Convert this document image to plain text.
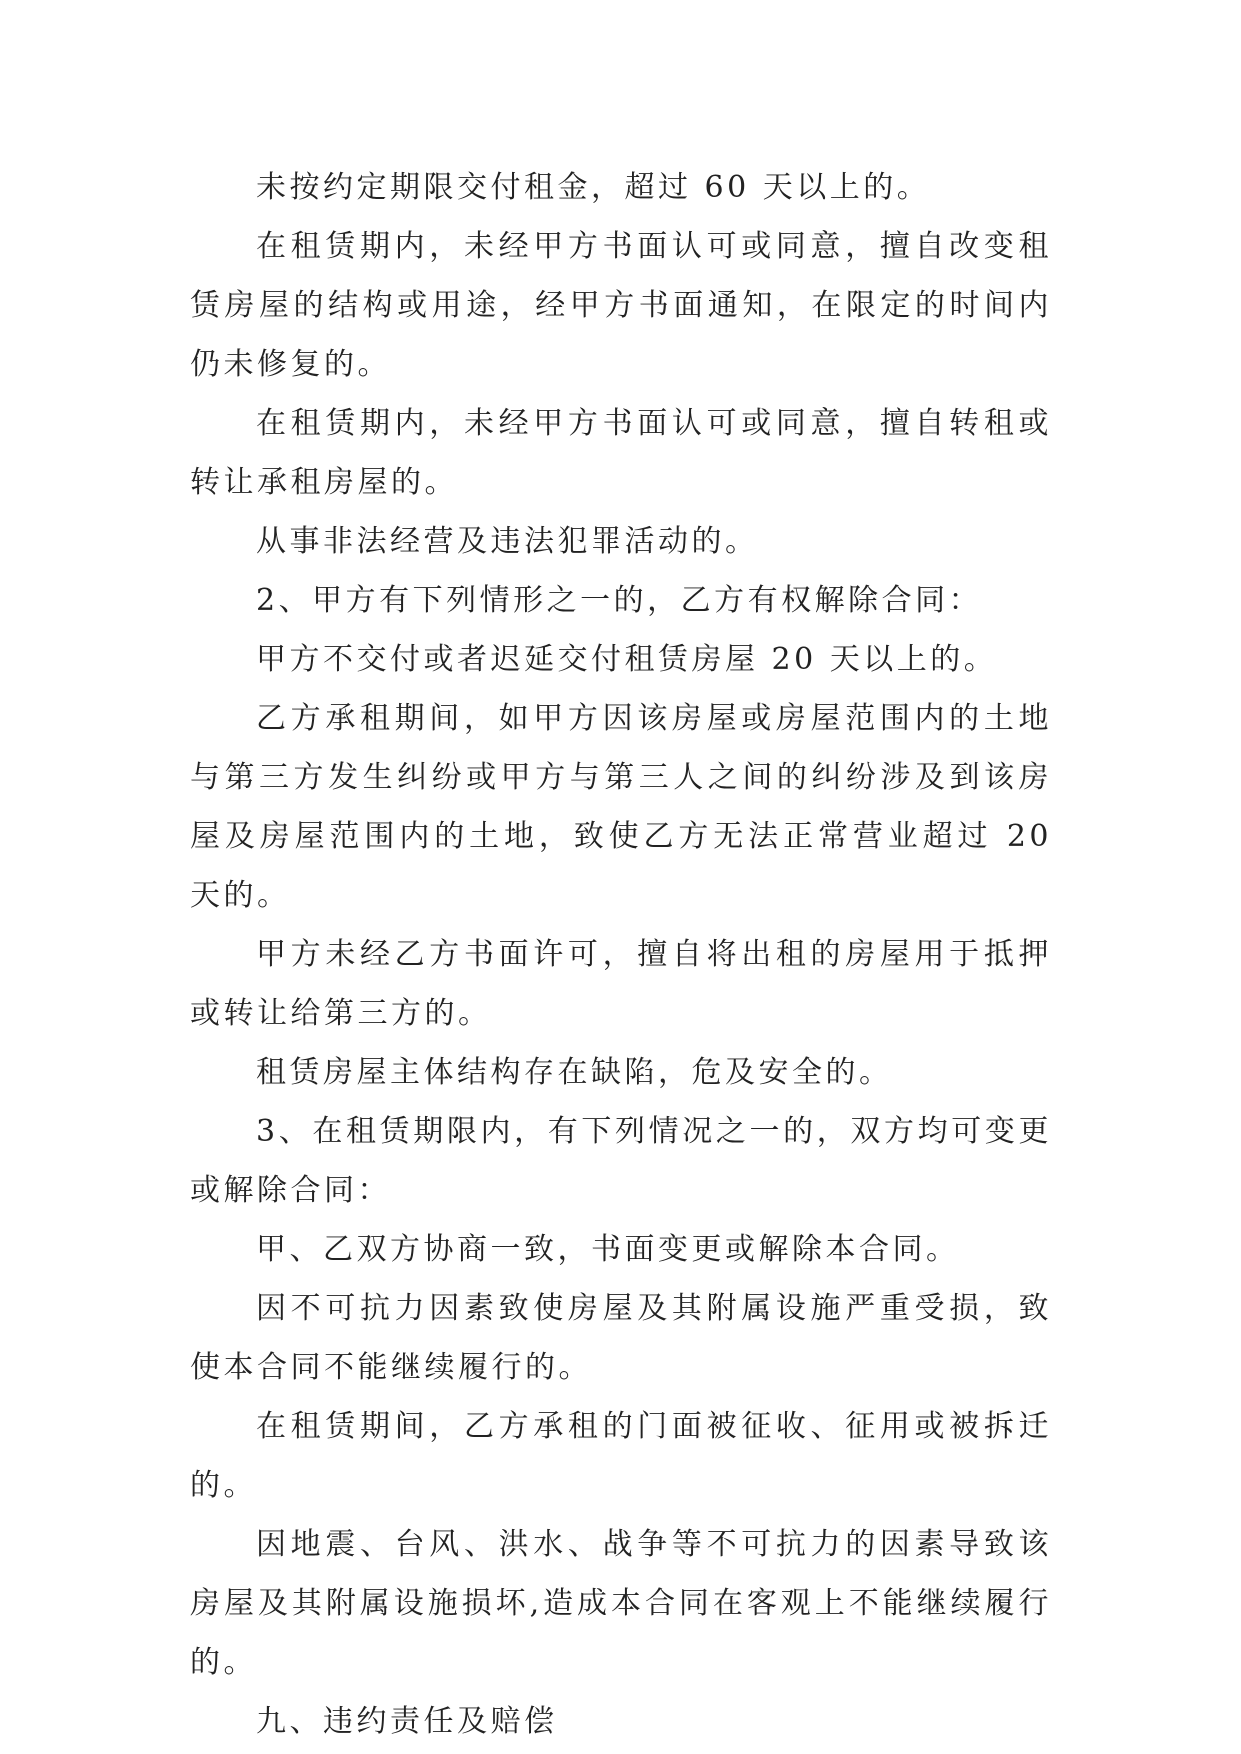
未按约定期限交付租金，超过 60 天以上的。

在租赁期内，未经甲方书面认可或同意，擅自改变租赁房屋的结构或用途，经甲方书面通知，在限定的时间内仍未修复的。

在租赁期内，未经甲方书面认可或同意，擅自转租或转让承租房屋的。

从事非法经营及违法犯罪活动的。

2、甲方有下列情形之一的，乙方有权解除合同：

甲方不交付或者迟延交付租赁房屋 20 天以上的。

乙方承租期间，如甲方因该房屋或房屋范围内的土地与第三方发生纠纷或甲方与第三人之间的纠纷涉及到该房屋及房屋范围内的土地，致使乙方无法正常营业超过 20 天的。

甲方未经乙方书面许可，擅自将出租的房屋用于抵押或转让给第三方的。

租赁房屋主体结构存在缺陷，危及安全的。

3、在租赁期限内，有下列情况之一的，双方均可变更或解除合同：

甲、乙双方协商一致，书面变更或解除本合同。

因不可抗力因素致使房屋及其附属设施严重受损，致使本合同不能继续履行的。

在租赁期间，乙方承租的门面被征收、征用或被拆迁的。

因地震、台风、洪水、战争等不可抗力的因素导致该房屋及其附属设施损坏,造成本合同在客观上不能继续履行的。

九、违约责任及赔偿
